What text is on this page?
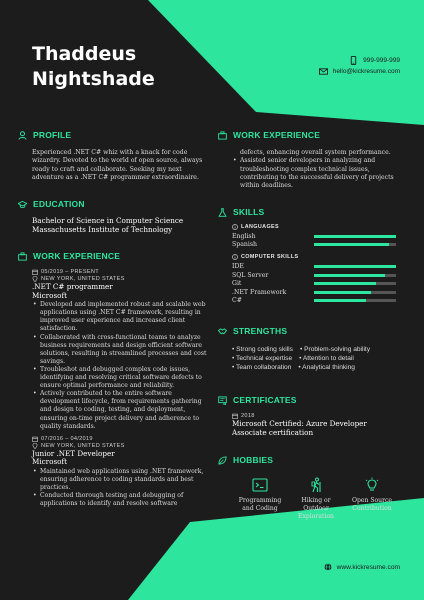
Thaddeus
Nightshade
999-999-999
hello@kickresume.com
PROFILE

Experienced .NET C# whiz with a knack for code wizardry. Devoted to the world of open source, always ready to craft and collaborate. Seeking my next adventure as a .NET C# programmer extraordinaire.

EDUCATION
Bachelor of Science in Computer Science
Massachusetts Institute of Technology
WORK EXPERIENCE
05/2019 – PRESENT
NEW YORK, UNITED STATES
.NET C# programmer
Microsoft
• Developed and implemented robust and scalable web applications using .NET C# framework, resulting in improved user experience and increased client satisfaction.
• Collaborated with cross-functional teams to analyze business requirements and design efficient software solutions, resulting in streamlined processes and cost savings.
• Troubleshot and debugged complex code issues, identifying and resolving critical software defects to ensure optimal performance and reliability.
• Actively contributed to the entire software development lifecycle, from requirements gathering and design to coding, testing, and deployment, ensuring on-time project delivery and adherence to quality standards.
07/2016 – 04/2019
NEW YORK, UNITED STATES
Junior .NET Developer
Microsoft
• Maintained web applications using .NET framework, ensuring adherence to coding standards and best practices.
• Conducted thorough testing and debugging of applications to identify and resolve software
WORK EXPERIENCE
defects, enhancing overall system performance.
• Assisted senior developers in analyzing and troubleshooting complex technical issues, contributing to the successful delivery of projects within deadlines.
SKILLS
LANGUAGES
English
Spanish
COMPUTER SKILLS
IDE
SQL Server
Git
.NET Framework
C#
STRENGTHS
• Strong coding skills • Problem-solving ability
• Technical expertise • Attention to detail
• Team collaboration • Analytical thinking
CERTIFICATES
2018
Microsoft Certified: Azure Developer
Associate certification
HOBBIES
Programming
and Coding
Hiking or
Outdoor
Exploration
Open Source
Contribution
www.kickresume.com
